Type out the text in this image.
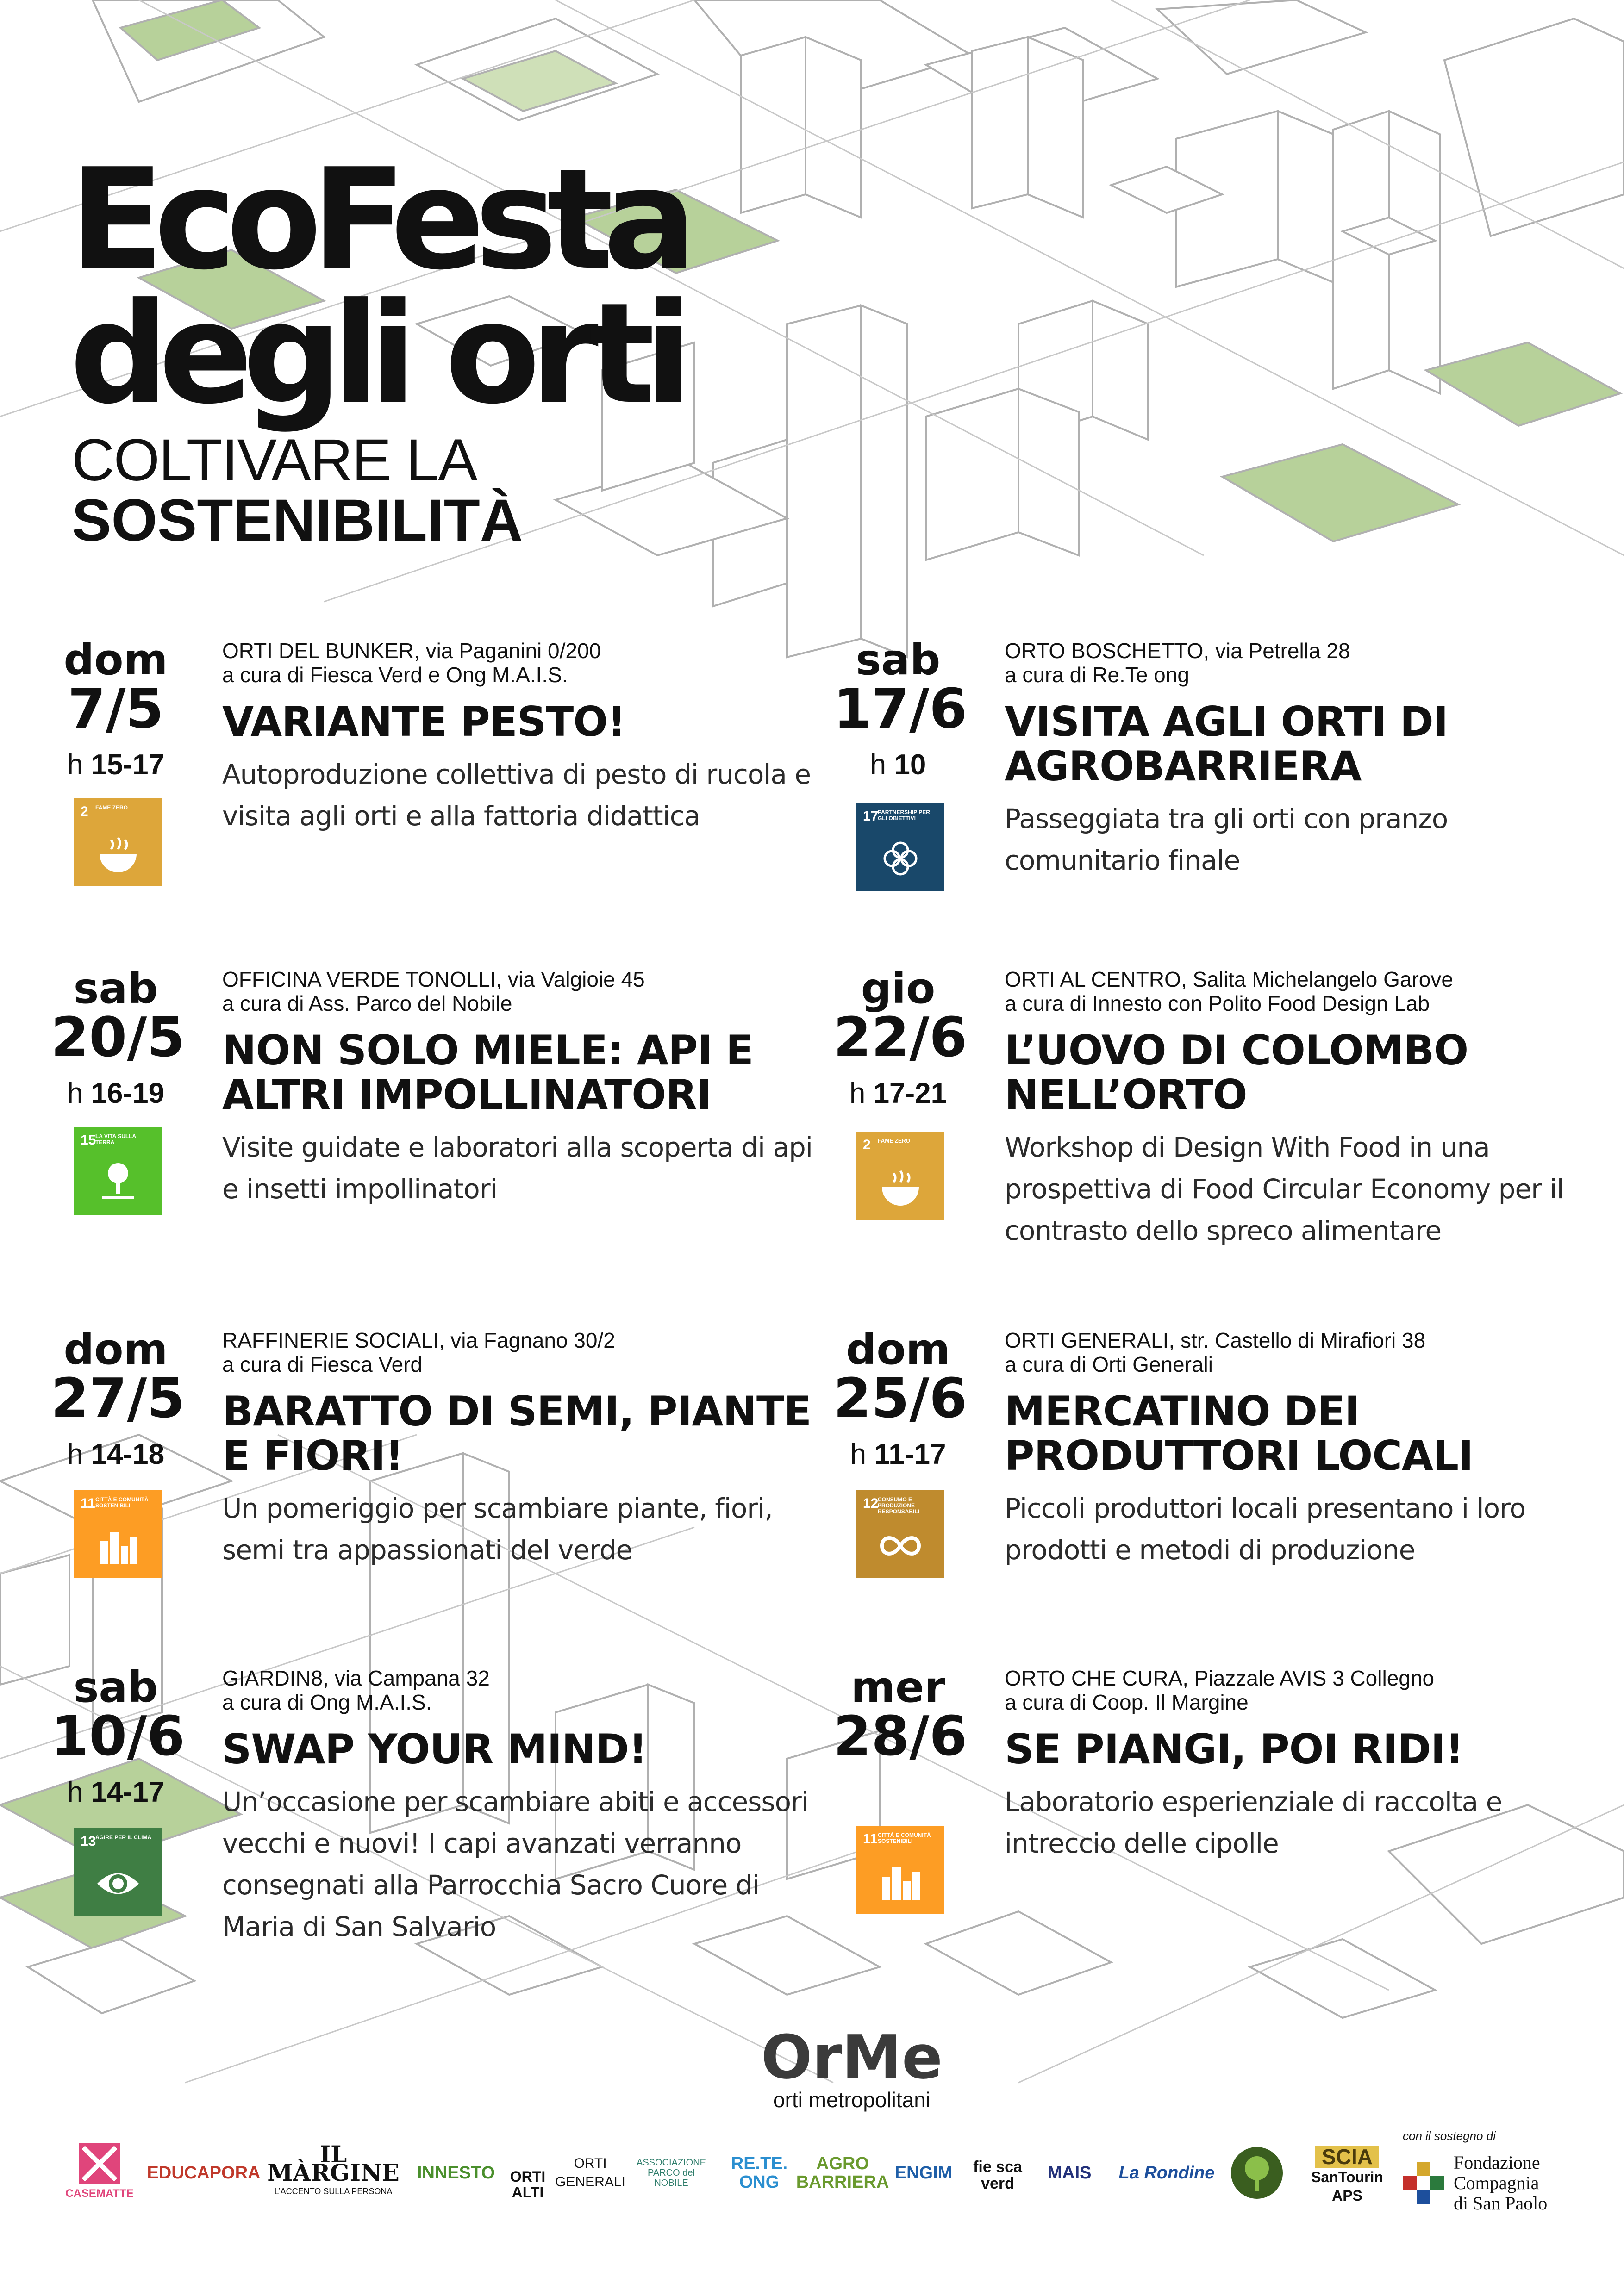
EcoFesta
degli orti
COLTIVARE LA
SOSTENIBILITÀ
dom
7/5
h 15-17
2 FAME ZERO
ORTI DEL BUNKER, via Paganini 0/200
a cura di Fiesca Verd e Ong M.A.I.S.
VARIANTE PESTO!
Autoproduzione collettiva di pesto di rucola e visita agli orti e alla fattoria didattica
sab
17/6
h 10
17
PARTNERSHIP PER GLI OBIETTIVI
ORTO BOSCHETTO, via Petrella 28
a cura di Re.Te ong
VISITA AGLI ORTI DI AGROBARRIERA
Passeggiata tra gli orti con pranzo comunitario finale
sab
20/5
h 16-19
15
LA VITA SULLA TERRA
OFFICINA VERDE TONOLLI, via Valgioie 45
a cura di Ass. Parco del Nobile
NON SOLO MIELE: API E ALTRI IMPOLLINATORI
Visite guidate e laboratori alla scoperta di api e insetti impollinatori
gio
22/6
h 17-21
2 FAME ZERO
ORTI AL CENTRO, Salita Michelangelo Garove
a cura di Innesto con Polito Food Design Lab
L’UOVO DI COLOMBO NELL’ORTO
Workshop di Design With Food in una prospettiva di Food Circular Economy per il contrasto dello spreco alimentare
dom
27/5
h 14-18
11 CITTÀ E COMUNITÀ SOSTENIBILI
RAFFINERIE SOCIALI, via Fagnano 30/2
a cura di Fiesca Verd
BARATTO DI SEMI, PIANTE E FIORI!
Un pomeriggio per scambiare piante, fiori, semi tra appassionati del verde
dom
25/6
h 11-17
12
CONSUMO E PRODUZIONE RESPONSABILI
ORTI GENERALI, str. Castello di Mirafiori 38
a cura di Orti Generali
MERCATINO DEI PRODUTTORI LOCALI
Piccoli produttori locali presentano i loro prodotti e metodi di produzione
sab
10/6
h 14-17
13
AGIRE PER IL CLIMA
GIARDIN8, via Campana 32
a cura di Ong M.A.I.S.
SWAP YOUR MIND!
Un’occasione per scambiare abiti e accessori vecchi e nuovi! I capi avanzati verranno consegnati alla Parrocchia Sacro Cuore di Maria di San Salvario
mer
28/6
11 CITTÀ E COMUNITÀ SOSTENIBILI
ORTO CHE CURA, Piazzale AVIS 3 Collegno
a cura di Coop. Il Margine
SE PIANGI, POI RIDI!
Laboratorio esperienziale di raccolta e intreccio delle cipolle
OrMe
orti metropolitani
CASEMATTE
EDUCAPORA
IL MÀRGINE
L’ACCENTO SULLA PERSONA
INNESTO	ORTI ALTI
ORTI GENERALI
ASSOCIAZIONE PARCO del NOBILE
RE.TE. ONG
AGRO BARRIERA ENGIM	fie sca verd
MAIS	La Rondine
SCIA
SanTourin APS
con il sostegno di
Fondazione
Compagnia
di San Paolo
